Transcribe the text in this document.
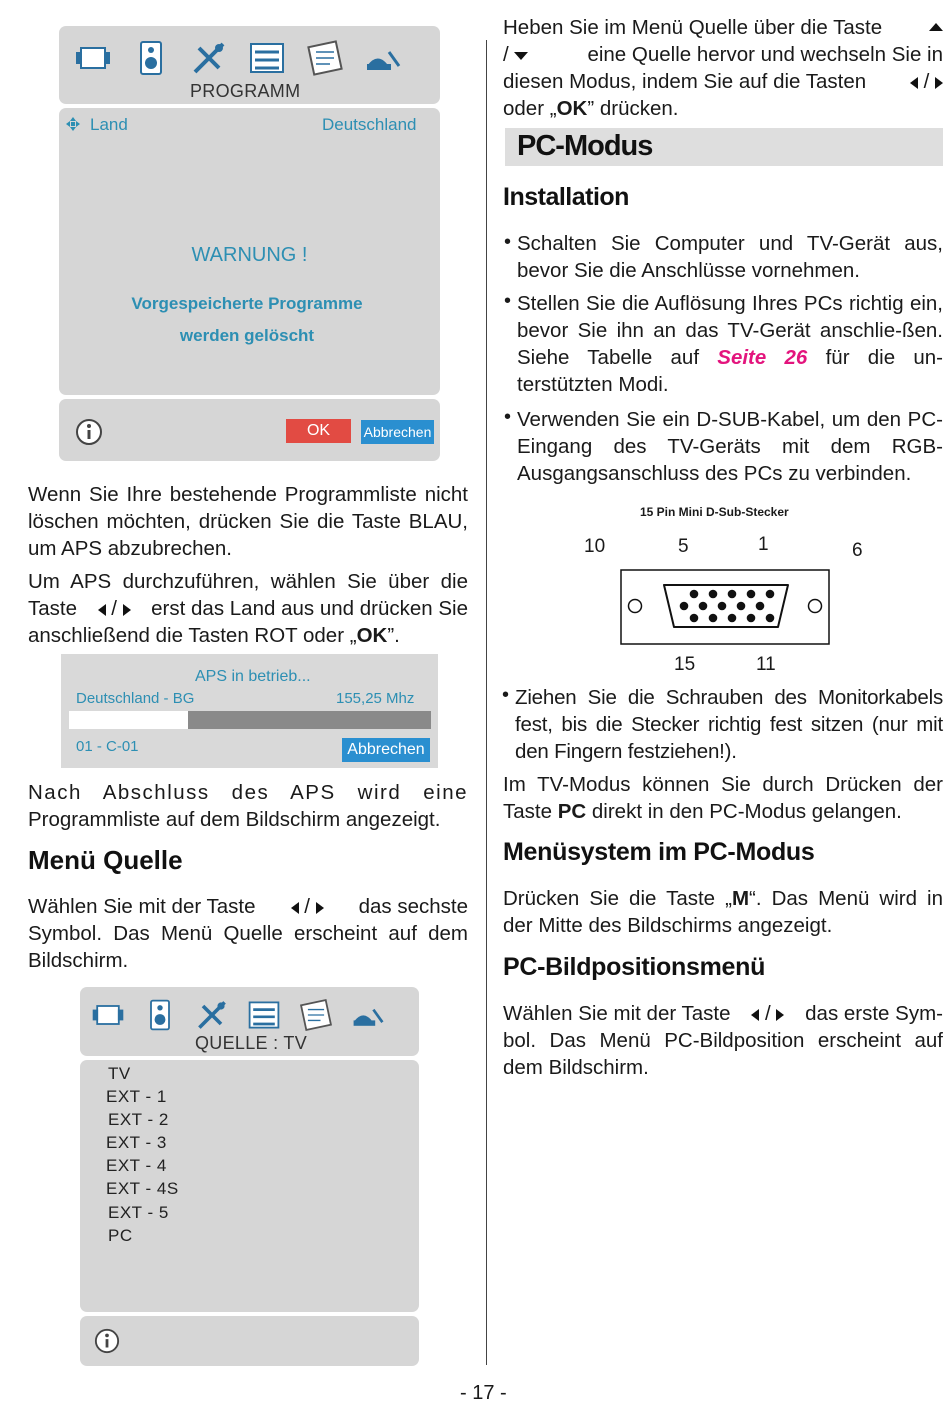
PROGRAMM
Land	Deutschland
WARNUNG !
Vorgespeicherte Programme
werden gelöscht
OK	Abbrechen
Wenn Sie Ihre bestehende Programmliste nicht löschen möchten, drücken Sie die Taste BLAU, um APS abzubrechen.
Um APS durchzuführen, wählen Sie über die
Taste	/	erst das Land aus und drücken Sie
anschließend die Tasten ROT oder „OK”.
APS in betrieb...
Deutschland - BG	155,25 Mhz
01 - C-01	Abbrechen
Nach Abschluss des APS wird eine
Programmliste auf dem Bildschirm angezeigt.
Menü Quelle
Wählen Sie mit der Taste	/	das sechste
Symbol. Das Menü Quelle erscheint auf dem
Bildschirm.
QUELLE : TV
TV
EXT - 1
EXT - 2
EXT - 3
EXT - 4
EXT - 4S
EXT - 5
PC
Heben Sie im Menü Quelle über die Taste
/	eine Quelle hervor und wechseln Sie in
diesen Modus, indem Sie auf die Tasten	/
oder „OK” drücken.
PC-Modus
Installation
• Schalten Sie Computer und TV-Gerät aus, bevor Sie die Anschlüsse vornehmen.
• Stellen Sie die Auflösung Ihres PCs richtig ein, bevor Sie ihn an das TV-Gerät anschlie-ßen. Siehe Tabelle auf Seite 26 für die un-terstützten Modi.
• Verwenden Sie ein D-SUB-Kabel, um den PC-Eingang des TV-Geräts mit dem RGB-Ausgangsanschluss des PCs zu verbinden.
15 Pin Mini D-Sub-Stecker
10	5	1	6
15	11
• Ziehen Sie die Schrauben des Monitorkabels fest, bis die Stecker richtig fest sitzen (nur mit den Fingern festziehen!).
Im TV-Modus können Sie durch Drücken der Taste PC direkt in den PC-Modus gelangen.
Menüsystem im PC-Modus
Drücken Sie die Taste „M“. Das Menü wird in der Mitte des Bildschirms angezeigt.
PC-Bildpositionsmenü
Wählen Sie mit der Taste	/	das erste Sym-
bol. Das Menü PC-Bildposition erscheint auf
dem Bildschirm.
- 17 -
